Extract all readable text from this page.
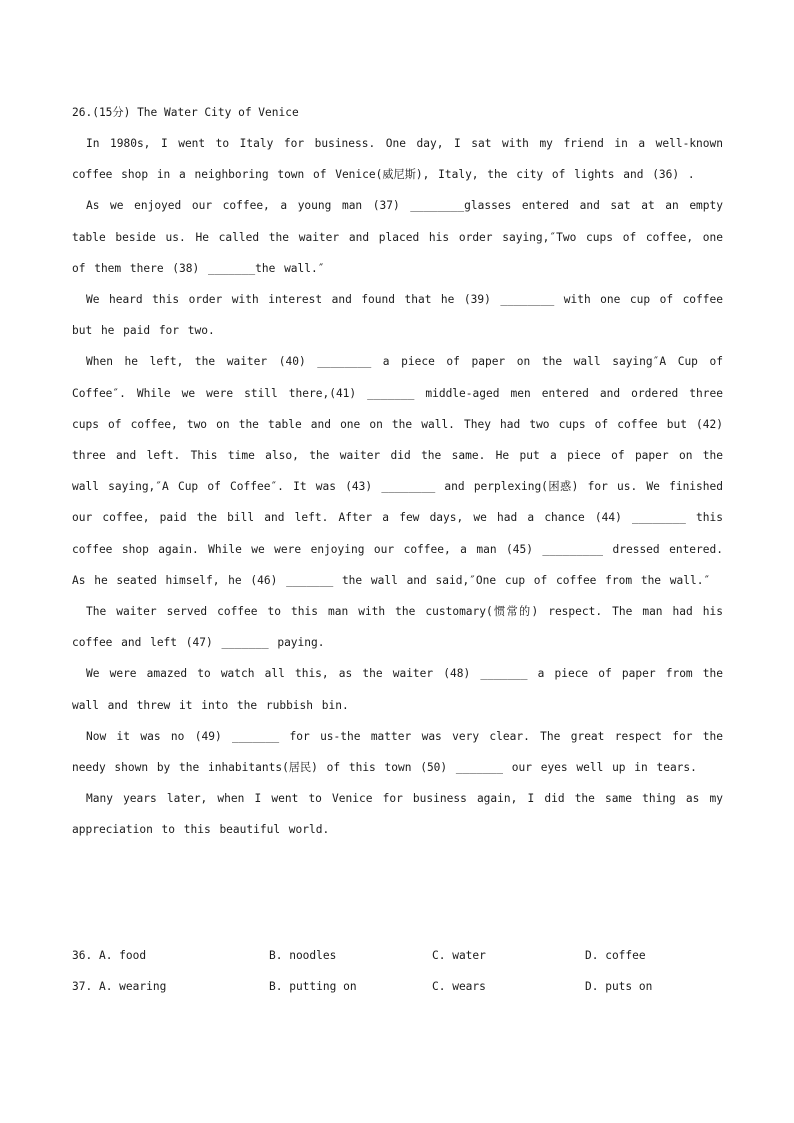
26.(15分) The Water City of Venice

In 1980s, I went to Italy for business. One day, I sat with my friend in a well-known coffee shop in a neighboring town of Venice(威尼斯), Italy, the city of lights and (36) .

As we enjoyed our coffee, a young man (37) ________glasses entered and sat at an empty table beside us. He called the waiter and placed his order saying,″Two cups of coffee, one of them there (38) _______the wall.″

We heard this order with interest and found that he (39) ________ with one cup of coffee but he paid for two.

When he left, the waiter (40) ________ a piece of paper on the wall saying″A Cup of Coffee″. While we were still there,(41) _______ middle-aged men entered and ordered three cups of coffee, two on the table and one on the wall. They had two cups of coffee but (42) three and left. This time also, the waiter did the same. He put a piece of paper on the wall saying,″A Cup of Coffee″. It was (43) ________ and perplexing(困惑) for us. We finished our coffee, paid the bill and left. After a few days, we had a chance (44) ________ this coffee shop again. While we were enjoying our coffee, a man (45) _________ dressed entered. As he seated himself, he (46) _______ the wall and said,″One cup of coffee from the wall.″

The waiter served coffee to this man with the customary(惯常的) respect. The man had his coffee and left (47) _______ paying.

We were amazed to watch all this, as the waiter (48) _______ a piece of paper from the wall and threw it into the rubbish bin.

Now it was no (49) _______ for us-the matter was very clear. The great respect for the needy shown by the inhabitants(居民) of this town (50) _______ our eyes well up in tears.

Many years later, when I went to Venice for business again, I did the same thing as my appreciation to this beautiful world.

36. A. food	B. noodles	C. water	D. coffee
37. A. wearing	B. putting on	C. wears	D. puts on
